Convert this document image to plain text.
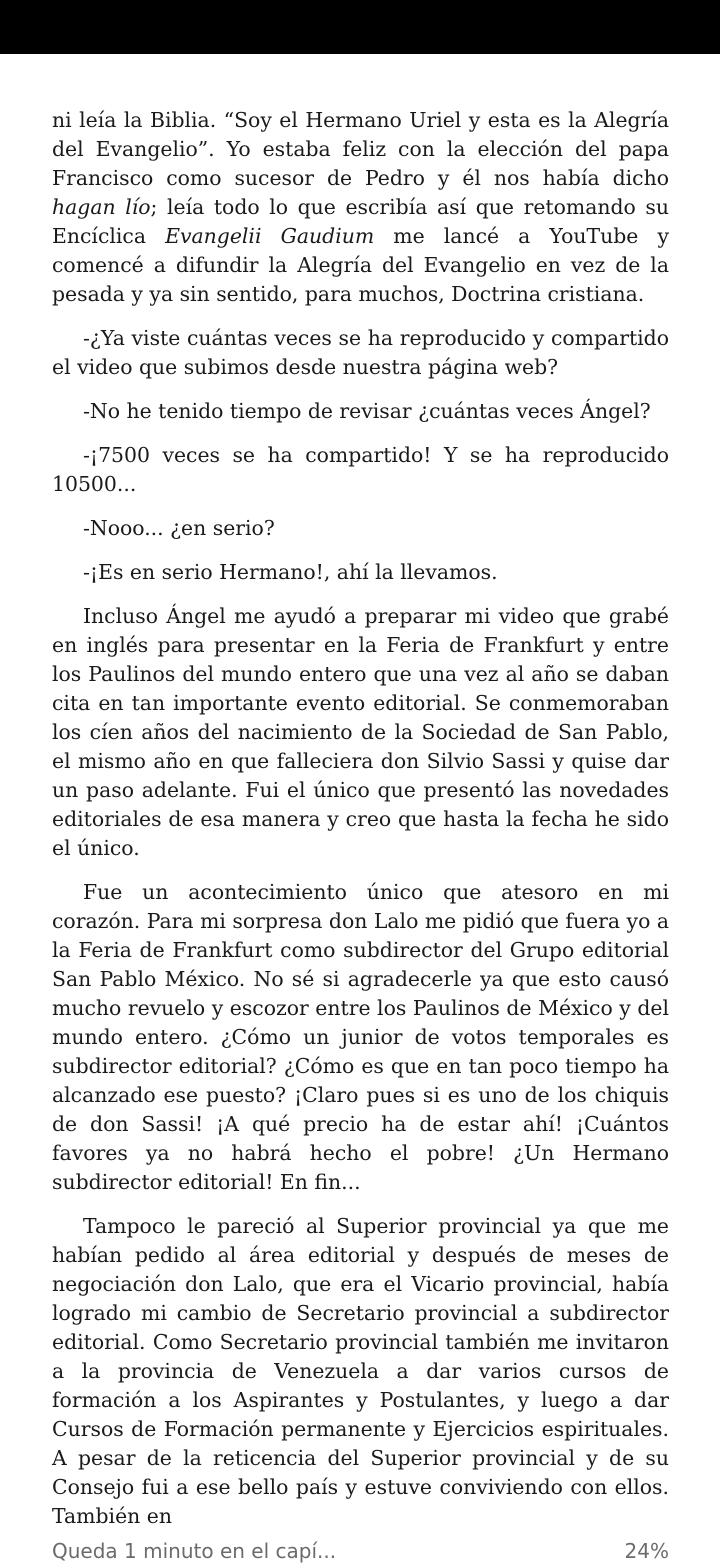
ni leía la Biblia. “Soy el Hermano Uriel y esta es la Alegría del Evangelio”. Yo estaba feliz con la elección del papa Francisco como sucesor de Pedro y él nos había dicho hagan lío; leía todo lo que escribía así que retomando su Encíclica Evangelii Gaudium me lancé a YouTube y comencé a difundir la Alegría del Evangelio en vez de la pesada y ya sin sentido, para muchos, Doctrina cristiana.

-¿Ya viste cuántas veces se ha reproducido y compartido el video que subimos desde nuestra página web?

-No he tenido tiempo de revisar ¿cuántas veces Ángel?

-¡7500 veces se ha compartido! Y se ha reproducido 10500...

-Nooo... ¿en serio?

-¡Es en serio Hermano!, ahí la llevamos.

Incluso Ángel me ayudó a preparar mi video que grabé en inglés para presentar en la Feria de Frankfurt y entre los Paulinos del mundo entero que una vez al año se daban cita en tan importante evento editorial. Se conmemoraban los cíen años del nacimiento de la Sociedad de San Pablo, el mismo año en que falleciera don Silvio Sassi y quise dar un paso adelante. Fui el único que presentó las novedades editoriales de esa manera y creo que hasta la fecha he sido el único.

Fue un acontecimiento único que atesoro en mi corazón. Para mi sorpresa don Lalo me pidió que fuera yo a la Feria de Frankfurt como subdirector del Grupo editorial San Pablo México. No sé si agradecerle ya que esto causó mucho revuelo y escozor entre los Paulinos de México y del mundo entero. ¿Cómo un junior de votos temporales es subdirector editorial? ¿Cómo es que en tan poco tiempo ha alcanzado ese puesto? ¡Claro pues si es uno de los chiquis de don Sassi! ¡A qué precio ha de estar ahí! ¡Cuántos favores ya no habrá hecho el pobre! ¿Un Hermano subdirector editorial! En fin...

Tampoco le pareció al Superior provincial ya que me habían pedido al área editorial y después de meses de negociación don Lalo, que era el Vicario provincial, había logrado mi cambio de Secretario provincial a subdirector editorial. Como Secretario provincial también me invitaron a la provincia de Venezuela a dar varios cursos de formación a los Aspirantes y Postulantes, y luego a dar Cursos de Formación permanente y Ejercicios espirituales. A pesar de la reticencia del Superior provincial y de su Consejo fui a ese bello país y estuve conviviendo con ellos. También en

Queda 1 minuto en el capí...	24%
